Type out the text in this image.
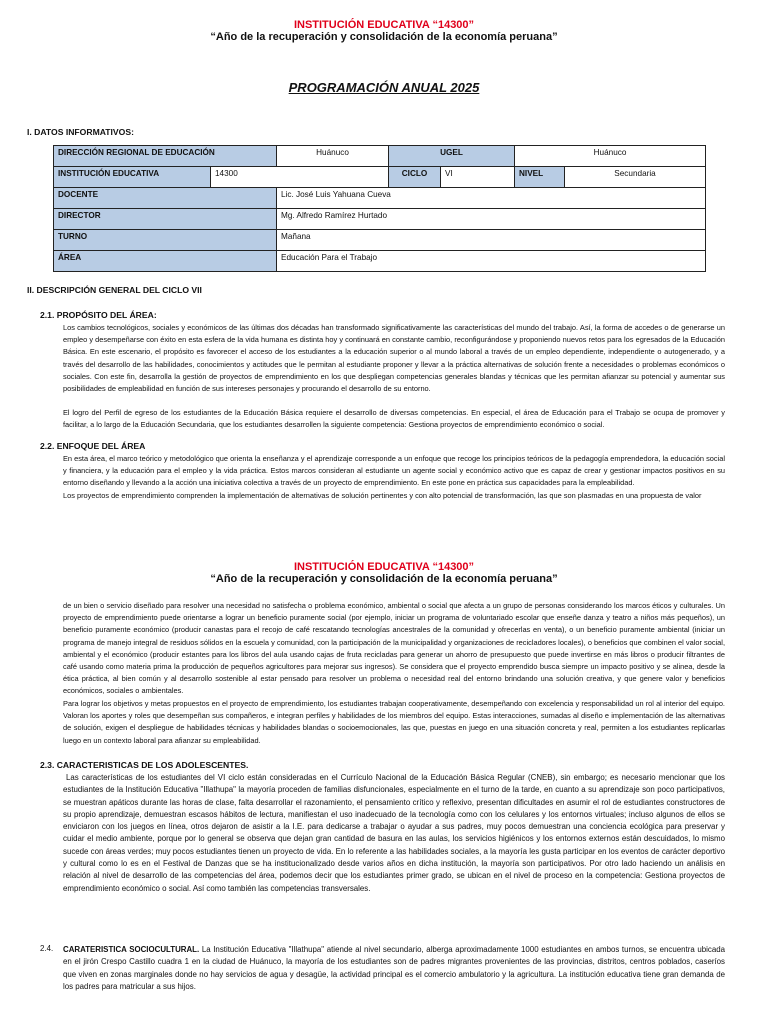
INSTITUCIÓN EDUCATIVA “14300”
“Año de la recuperación y consolidación de la economía peruana”
PROGRAMACIÓN ANUAL 2025
I. DATOS INFORMATIVOS:
DIRECCIÓN REGIONAL DE EDUCACIÓN		Huánuco	UGEL		Huánuco	
INSTITUCIÓN EDUCATIVA	14300		CICLO	VI	NIVEL	Secundaria
DOCENTE		Lic. José Luis Yahuana Cueva				
DIRECTOR		Mg. Alfredo Ramírez Hurtado				
TURNO		Mañana				
ÁREA		Educación Para el Trabajo				
II. DESCRIPCIÓN GENERAL DEL CICLO VII
2.1. PROPÓSITO DEL ÁREA:

Los cambios tecnológicos, sociales y económicos de las últimas dos décadas han transformado significativamente las características del mundo del trabajo. Así, la forma de accedes o de generarse un empleo y desempeñarse con éxito en esta esfera de la vida humana es distinta hoy y continuará en constante cambio, reconfigurándose y proponiendo nuevos retos para los egresados de la Educación Básica. En este escenario, el propósito es favorecer el acceso de los estudiantes a la educación superior o al mundo laboral a través de un empleo dependiente, independiente o autogenerado, y a través del desarrollo de las habilidades, conocimientos y actitudes que le permitan al estudiante proponer y llevar a la práctica alternativas de solución frente a necesidades o problemas económicos o sociales. Con este fin, desarrolla la gestión de proyectos de emprendimiento en los que despliegan competencias generales blandas y técnicas que les permitan afianzar su potencial y aumentar sus posibilidades de empleabilidad en función de sus intereses personajes y procurando el desarrollo de su entorno.

El logro del Perfil de egreso de los estudiantes de la Educación Básica requiere el desarrollo de diversas competencias. En especial, el área de Educación para el Trabajo se ocupa de promover y facilitar, a lo largo de la Educación Secundaria, que los estudiantes desarrollen la siguiente competencia: Gestiona proyectos de emprendimiento económico o social.

2.2. ENFOQUE DEL ÁREA

En esta área, el marco teórico y metodológico que orienta la enseñanza y el aprendizaje corresponde a un enfoque que recoge los principios teóricos de la pedagogía emprendedora, la educación social y financiera, y la educación para el empleo y la vida práctica. Estos marcos consideran al estudiante un agente social y económico activo que es capaz de crear y gestionar impactos positivos en su entorno diseñando y llevando a la acción una iniciativa colectiva a través de un proyecto de emprendimiento. En este pone en práctica sus capacidades para la empleabilidad.

Los proyectos de emprendimiento comprenden la implementación de alternativas de solución pertinentes y con alto potencial de transformación, las que son plasmadas en una propuesta de valor

INSTITUCIÓN EDUCATIVA “14300”
“Año de la recuperación y consolidación de la economía peruana”

de un bien o servicio diseñado para resolver una necesidad no satisfecha o problema económico, ambiental o social que afecta a un grupo de personas considerando los marcos éticos y culturales. Un proyecto de emprendimiento puede orientarse a lograr un beneficio puramente social (por ejemplo, iniciar un programa de voluntariado escolar que enseñe danza y teatro a niños más pequeños), un beneficio puramente económico (producir canastas para el recojo de café rescatando tecnologías ancestrales de la comunidad y ofrecerlas en venta), o un beneficio puramente ambiental (iniciar un programa de manejo integral de residuos sólidos en la escuela y comunidad, con la participación de la municipalidad y organizaciones de recicladores locales), o beneficios que combinen el valor social, ambiental y el económico (producir estantes para los libros del aula usando cajas de fruta recicladas para generar un ahorro de presupuesto que puede invertirse en más libros o producir filtrantes de café usando como materia prima la producción de pequeños agricultores para mejorar sus ingresos). Se considera que el proyecto emprendido busca siempre un impacto positivo y se alinea, desde la ética práctica, al bien común y al desarrollo sostenible al estar pensado para resolver un problema o necesidad real del entorno brindando una solución creativa, y que genere valor y beneficios económicos, sociales o ambientales.

Para lograr los objetivos y metas propuestos en el proyecto de emprendimiento, los estudiantes trabajan cooperativamente, desempeñando con excelencia y responsabilidad un rol al interior del equipo. Valoran los aportes y roles que desempeñan sus compañeros, e integran perfiles y habilidades de los miembros del equipo. Estas interacciones, sumadas al diseño e implementación de las alternativas de solución, exigen el despliegue de habilidades técnicas y habilidades blandas o socioemocionales, las que, puestas en juego en una situación concreta y real, permiten a los estudiantes replicarlas luego en un contexto laboral para afianzar su empleabilidad.

2.3. CARACTERISTICAS DE LOS ADOLESCENTES.

Las características de los estudiantes del VI ciclo están consideradas en el Currículo Nacional de la Educación Básica Regular (CNEB), sin embargo; es necesario mencionar que los estudiantes de la Institución Educativa "Illathupa" la mayoría proceden de familias disfuncionales, especialmente en el turno de la tarde, en cuanto a su aprendizaje son poco participativos, se muestran apáticos durante las horas de clase, falta desarrollar el razonamiento, el pensamiento crítico y reflexivo, presentan dificultades en asumir el rol de estudiantes constructores de su propio aprendizaje, demuestran escasos hábitos de lectura, manifiestan el uso inadecuado de la tecnología como con los celulares y los entornos virtuales; incluso algunos de ellos se enviciaron con los juegos en línea, otros dejaron de asistir a la I.E. para dedicarse a trabajar o ayudar a sus padres, muy pocos demuestran una conciencia ecológica para preservar y cuidar el medio ambiente, porque por lo general se observa que dejan gran cantidad de basura en las aulas, los servicios higiénicos y los entornos externos están descuidados, lo mismo sucede con áreas verdes; muy pocos estudiantes tienen un proyecto de vida. En lo referente a las habilidades sociales, a la mayoría les gusta participar en los eventos de carácter deportivo y cultural como lo es en el Festival de Danzas que se ha institucionalizado desde varios años en dicha institución, la mayoría son participativos. Por otro lado haciendo un análisis en relación al nivel de desarrollo de las competencias del área, podemos decir que los estudiantes primer grado, se ubican en el nivel de proceso en la competencia: Gestiona proyectos de emprendimiento económico o social. Así como también las competencias transversales.

2.4. CARATERISTICA SOCIOCULTURAL. La Institución Educativa "Illathupa" atiende al nivel secundario, alberga aproximadamente 1000 estudiantes en ambos turnos, se encuentra ubicada en el jirón Crespo Castillo cuadra 1 en la ciudad de Huánuco, la mayoría de los estudiantes son de padres migrantes provenientes de las provincias, distritos, centros poblados, caseríos que viven en zonas marginales donde no hay servicios de agua y desagüe, la actividad principal es el comercio ambulatorio y la agricultura. La institución educativa tiene gran demanda de los padres para matricular a sus hijos.
